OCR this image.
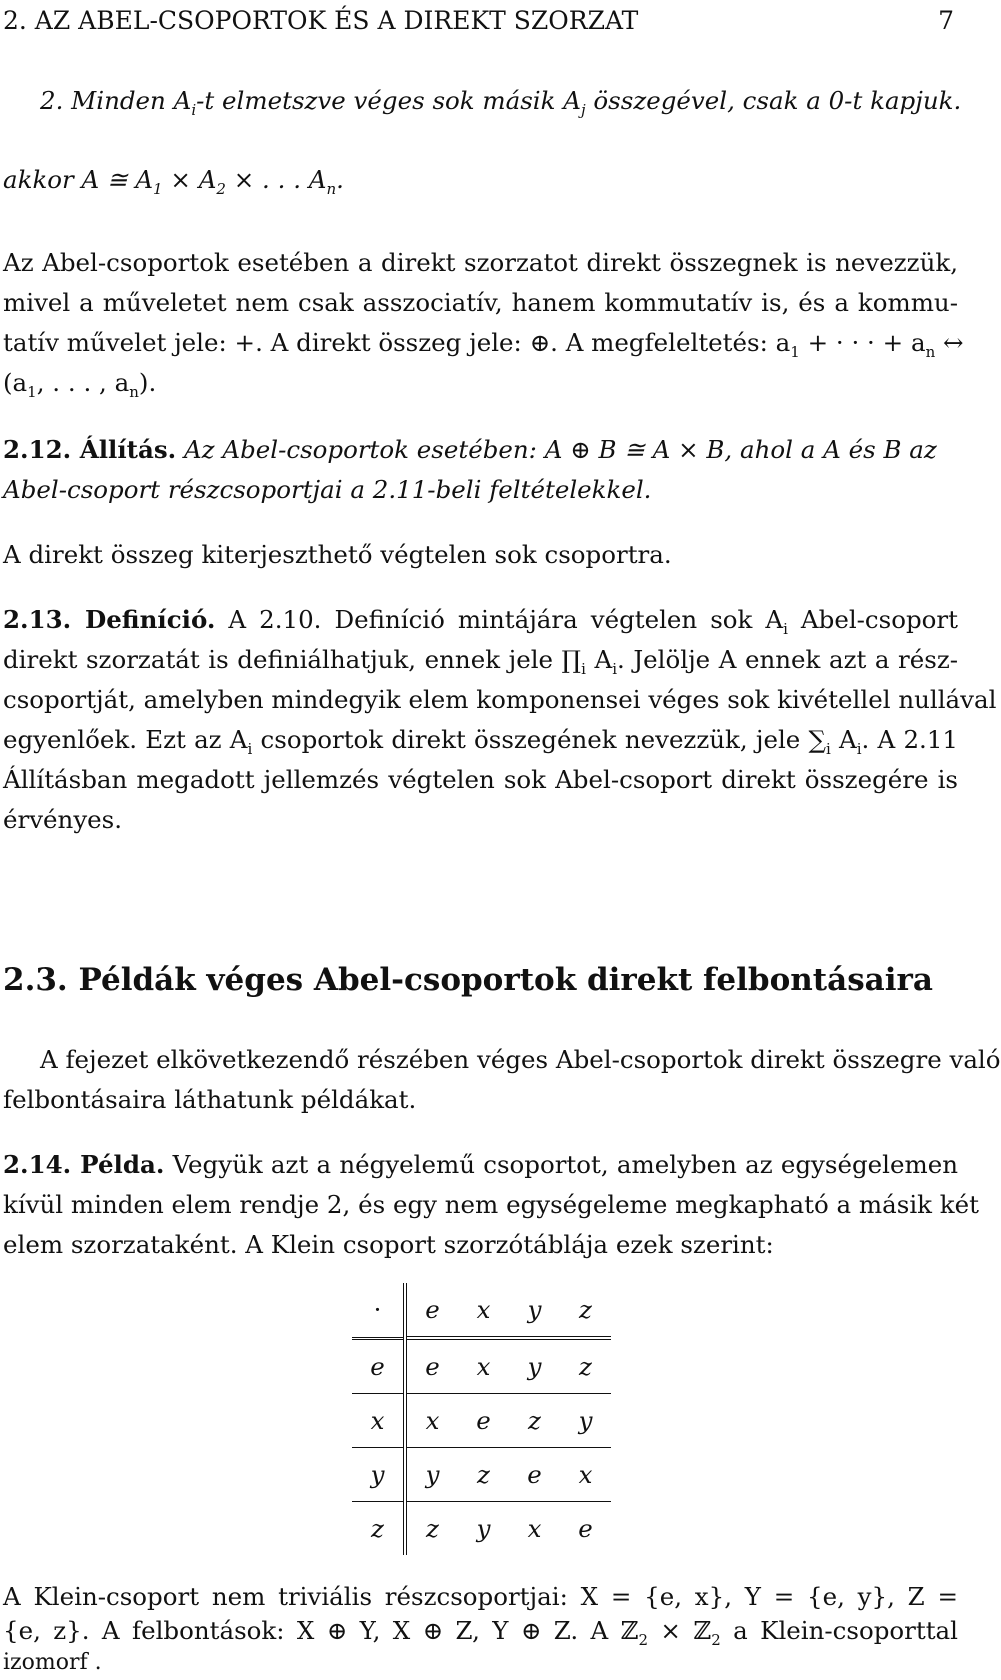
2. AZ ABEL-CSOPORTOK ÉS A DIREKT SZORZAT	7
2. Minden $A_i-t$ elmetszve véges sok másik $A_j$ összegével, csak a 0-t kapjuk.
akkor A ≅ $A_1 \times A_2$ × . . . $A_n$.
Az Abel-csoportok esetében a direkt szorzatot direkt összegnek is nevezzük,
mivel a műveletet nem csak asszociatív, hanem kommutatív is, és a kommu-
tatív művelet jele: +. A direkt összeg jele: ⊕. A megfeleltetés: $a_1$ + · · · + $a_n$ ↔
($a_1$, . . . , $a_n$).
2.12. Állítás. Az Abel-csoportok esetében: A ⊕ B ≅ A × B, ahol a A és B az
Abel-csoport részcsoportjai a 2.11-beli feltételekkel.
A direkt összeg kiterjeszthető végtelen sok csoportra.
2.13. Definíció. A 2.10. Definíció mintájára végtelen sok $A_i$ Abel-csoport
direkt szorzatát is definiálhatjuk, ennek jele $\prod_i$ $A_i$. Jelölje A ennek azt a rész-
csoportját, amelyben mindegyik elem komponensei véges sok kivétellel nullával
egyenlőek. Ezt az $A_i$ csoportok direkt összegének nevezzük, jele $\sum_i$ $A_i$. A 2.11
Állításban megadott jellemzés végtelen sok Abel-csoport direkt összegére is
érvényes.
2.3. Példák véges Abel-csoportok direkt felbontásaira
A fejezet elkövetkezendő részében véges Abel-csoportok direkt összegre való
felbontásaira láthatunk példákat.
2.14. Példa. Vegyük azt a négyelemű csoportot, amelyben az egységelemen
kívül minden elem rendje 2, és egy nem egységeleme megkapható a másik két
elem szorzataként. A Klein csoport szorzótáblája ezek szerint:
·	e	x	y	z
e	e	x	y	z
x	x	e	z	y
y	y	z	e	x
z	z	y	x	e
A Klein-csoport nem triviális részcsoportjai: X = {e, x}, Y = {e, y}, Z =
{e, z}. A felbontások: X ⊕ Y, X ⊕ Z, Y ⊕ Z. A ℤ$_2$ × ℤ$_2$ a Klein-csoporttal
izomorf .
